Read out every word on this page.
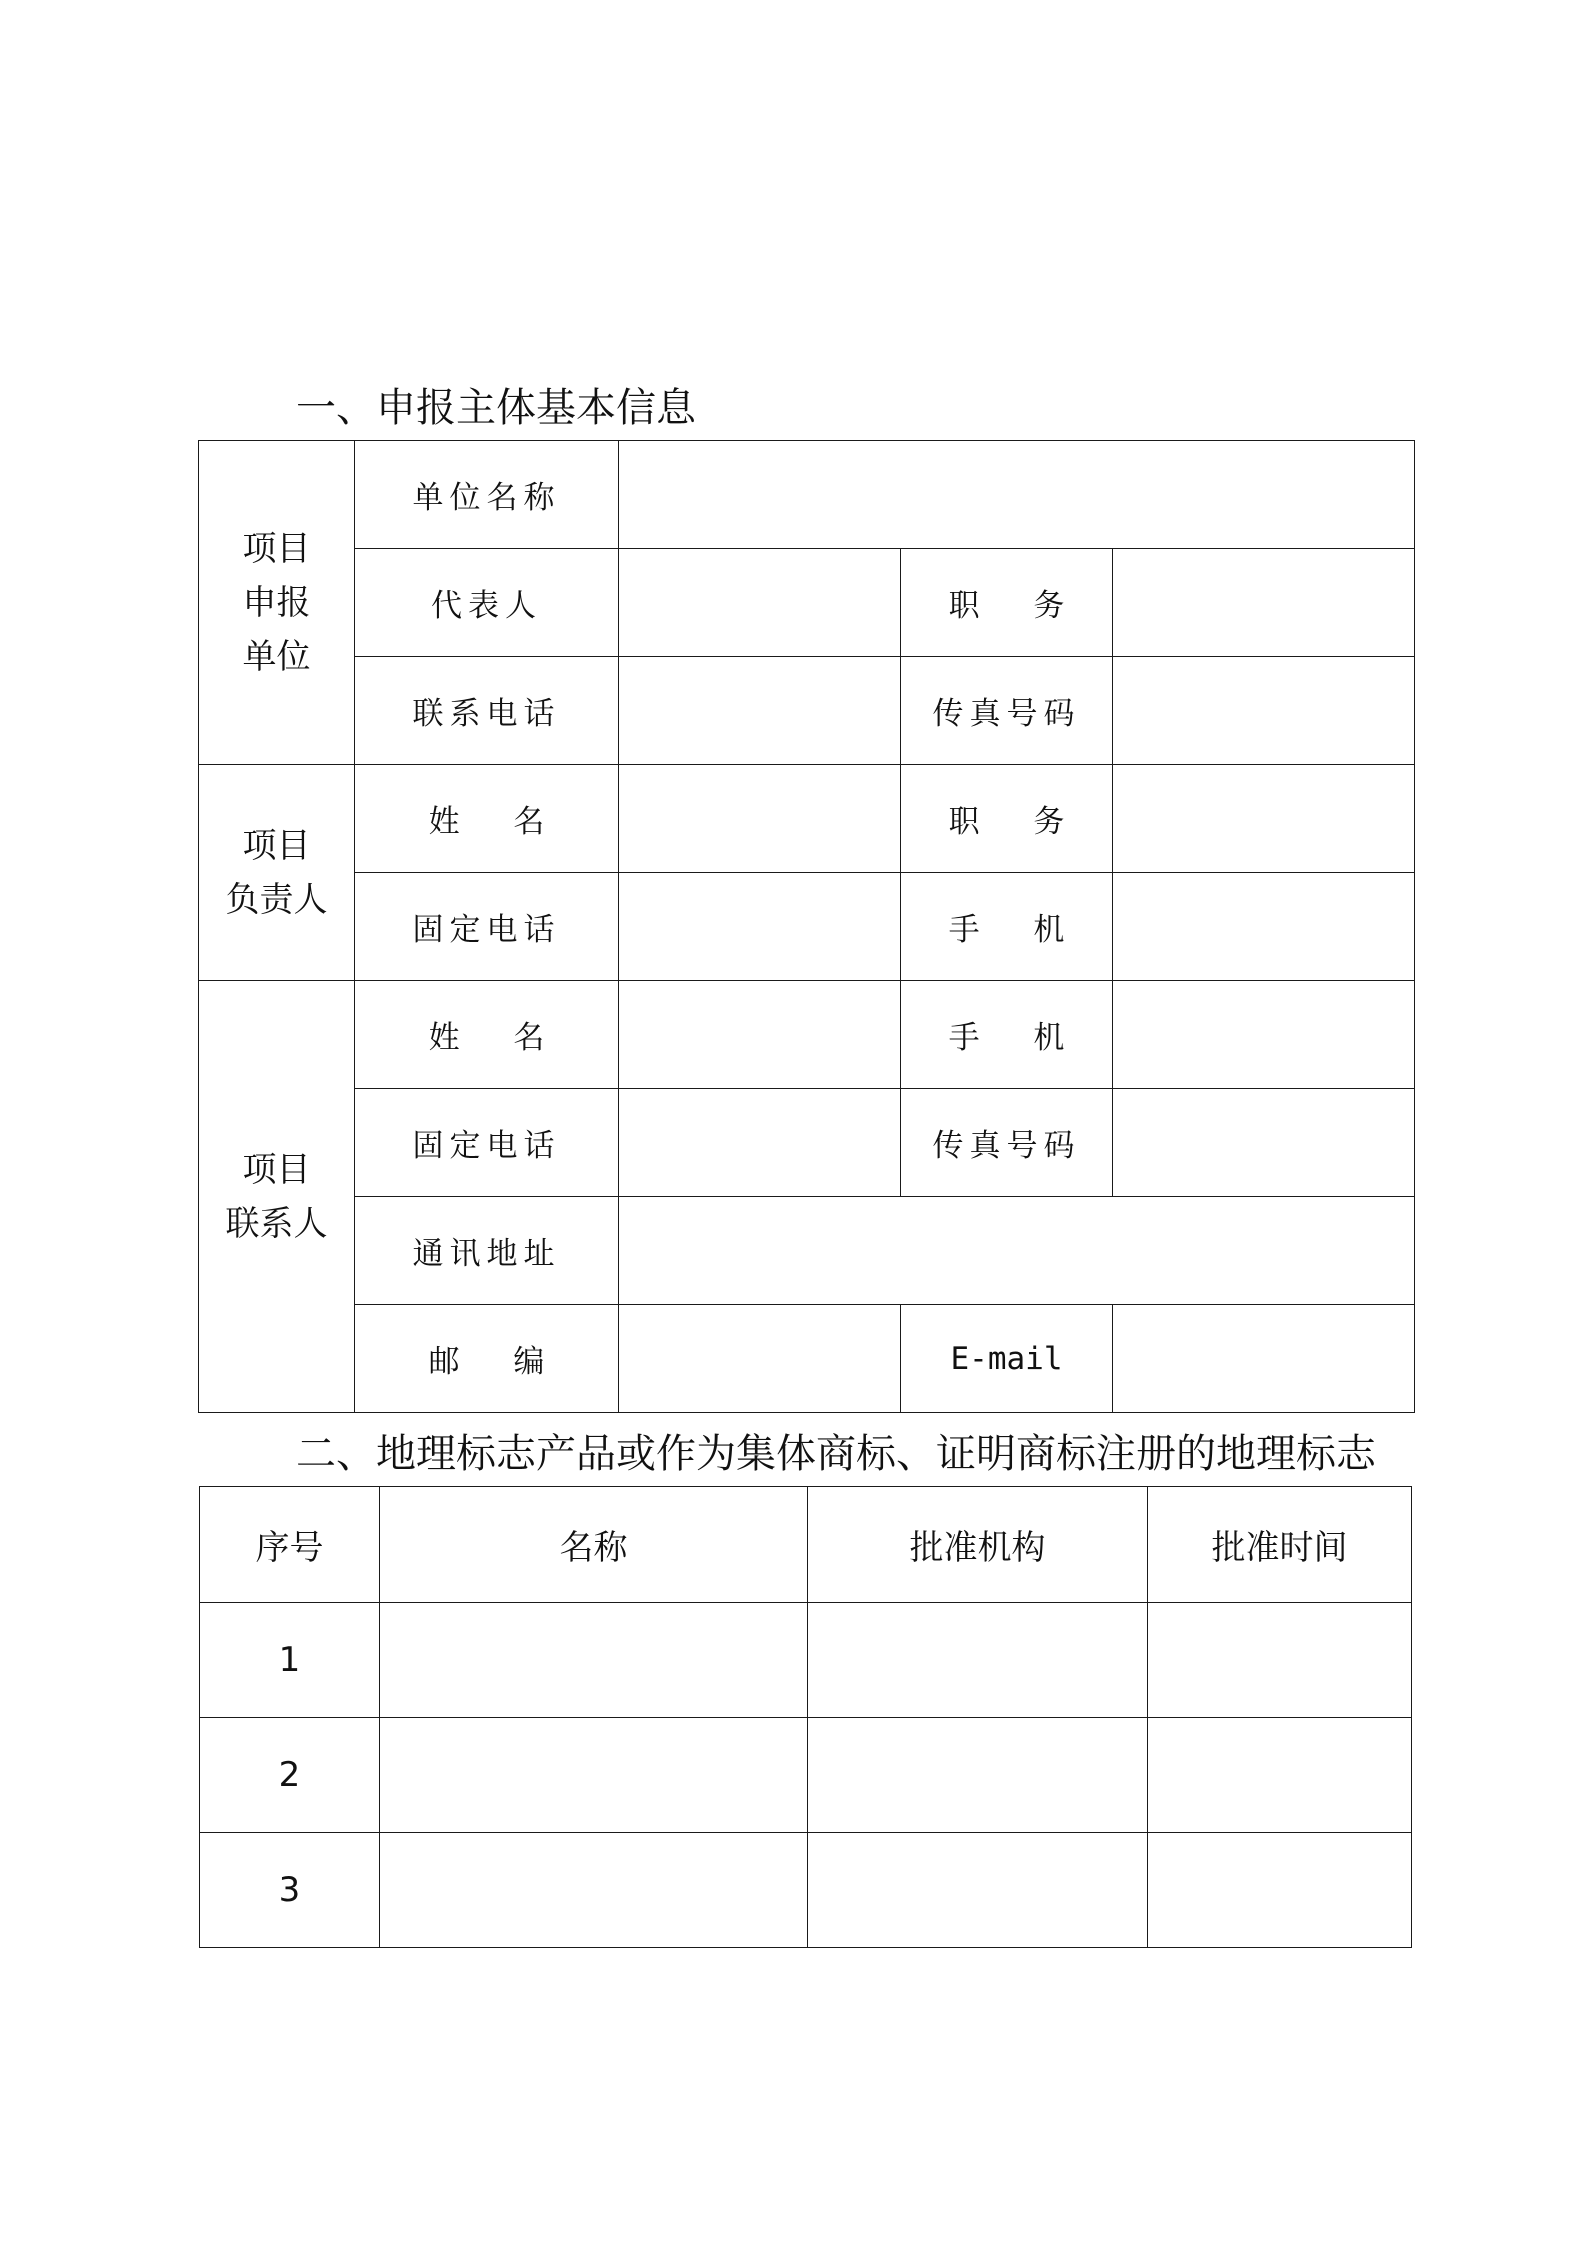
一、申报主体基本信息
项目
申报
单位	单位名称			
	代表人		职 务	
	联系电话		传真号码	

项目
负责人	姓 名		职 务	
	固定电话		手 机	

项目
联系人	姓 名		手 机	
	固定电话		传真号码	
	通讯地址			
	邮 编		E-mail	
二、地理标志产品或作为集体商标、证明商标注册的地理标志
序号	名称	批准机构	批准时间
1			
2			
3			
